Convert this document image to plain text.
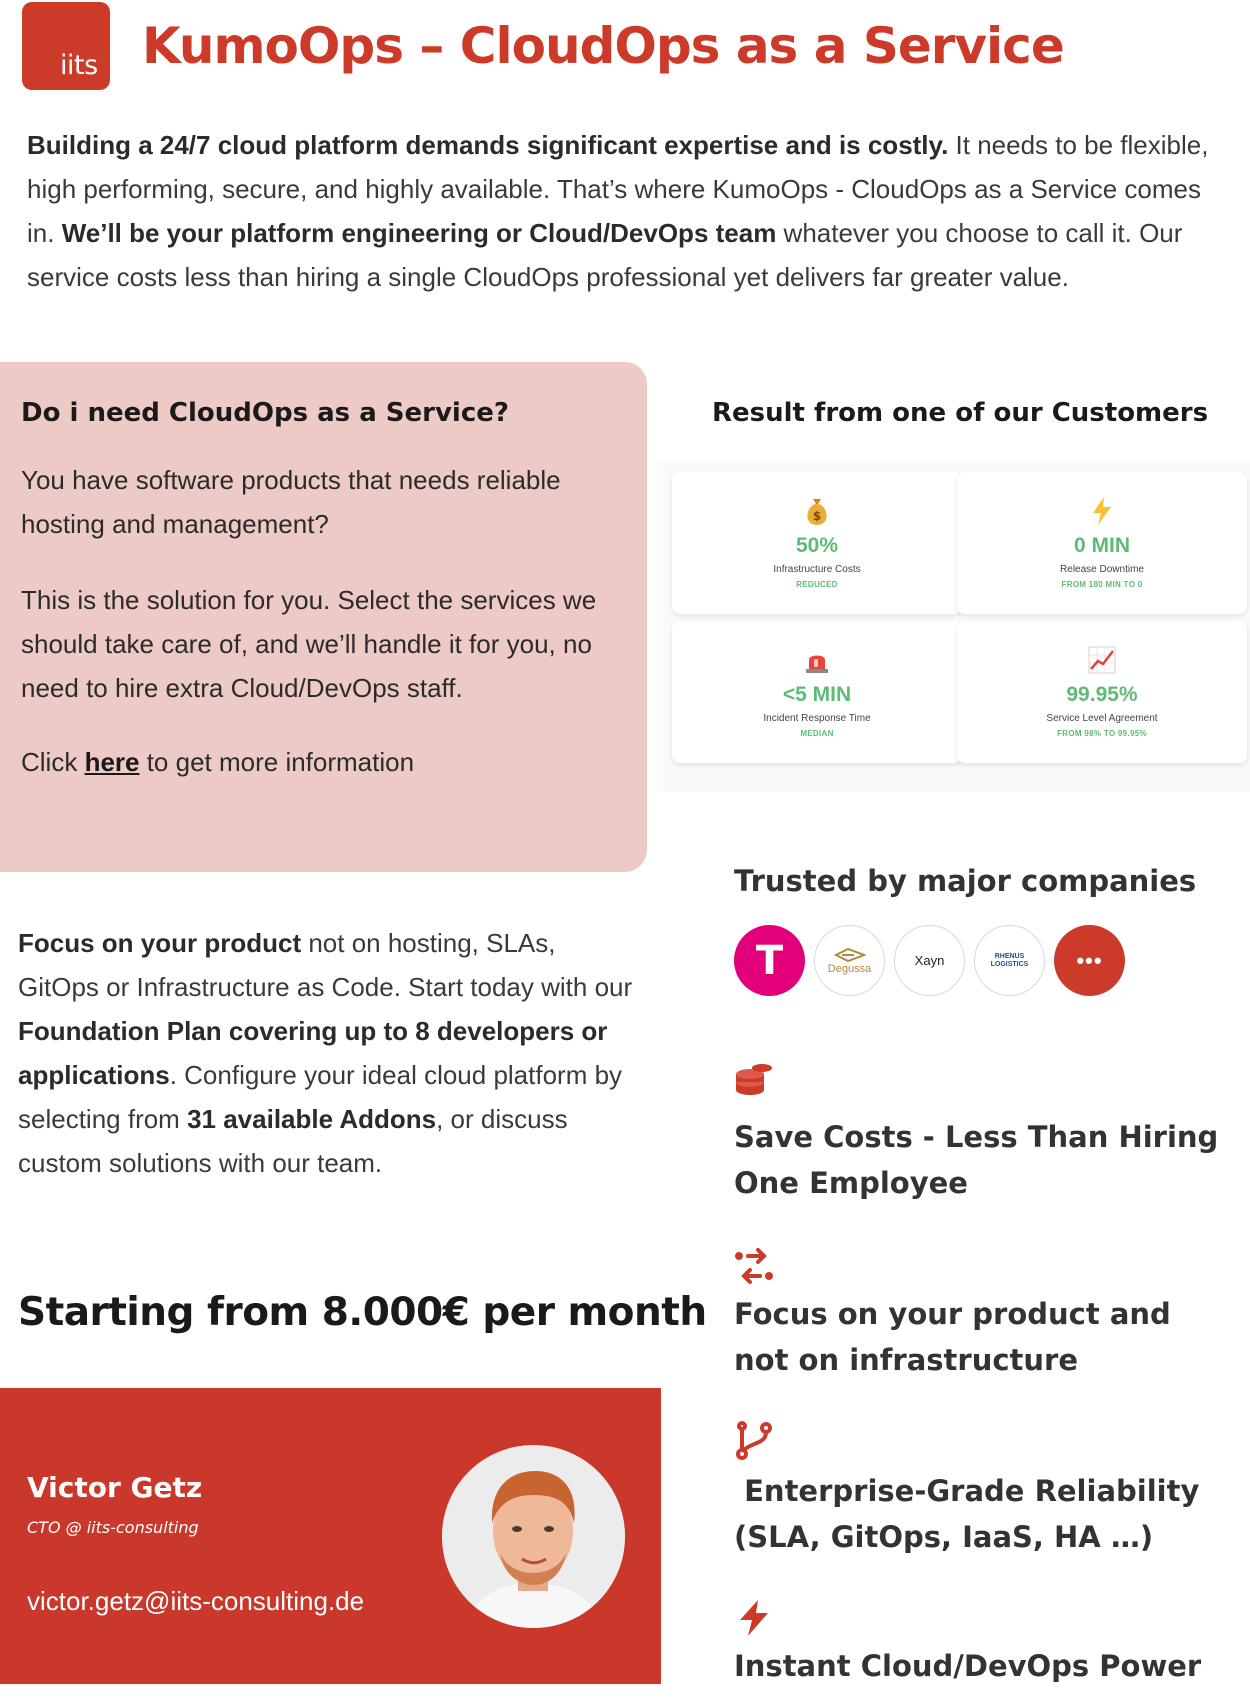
iits KumoOps – CloudOps as a Service

Building a 24/7 cloud platform demands significant expertise and is costly. It needs to be flexible, high performing, secure, and highly available. That’s where KumoOps - CloudOps as a Service comes in. We’ll be your platform engineering or Cloud/DevOps team whatever you choose to call it. Our service costs less than hiring a single CloudOps professional yet delivers far greater value.

Do i need CloudOps as a Service?

You have software products that needs reliable hosting and management?

This is the solution for you. Select the services we should take care of, and we’ll handle it for you, no need to hire extra Cloud/DevOps staff.

Click here to get more information

Result from one of our Customers
$
50%
Infrastructure Costs
REDUCED
0 MIN
Release Downtime
FROM 180 MIN TO 0
<5 MIN
Incident Response Time
MEDIAN
99.95%
Service Level Agreement
FROM 98% TO 99.95%
Trusted by major companies
T	Degussa
Xayn	RHENUS LOGISTICS	•••

Focus on your product not on hosting, SLAs, GitOps or Infrastructure as Code. Start today with our Foundation Plan covering up to 8 developers or applications. Configure your ideal cloud platform by selecting from 31 available Addons, or discuss custom solutions with our team.

Starting from 8.000€ per month
Victor Getz
CTO @ iits-consulting
victor.getz@iits-consulting.de
Save Costs - Less Than Hiring One Employee
Focus on your product and not on infrastructure
Enterprise-Grade Reliability (SLA, GitOps, IaaS, HA …)
Instant Cloud/DevOps Power
